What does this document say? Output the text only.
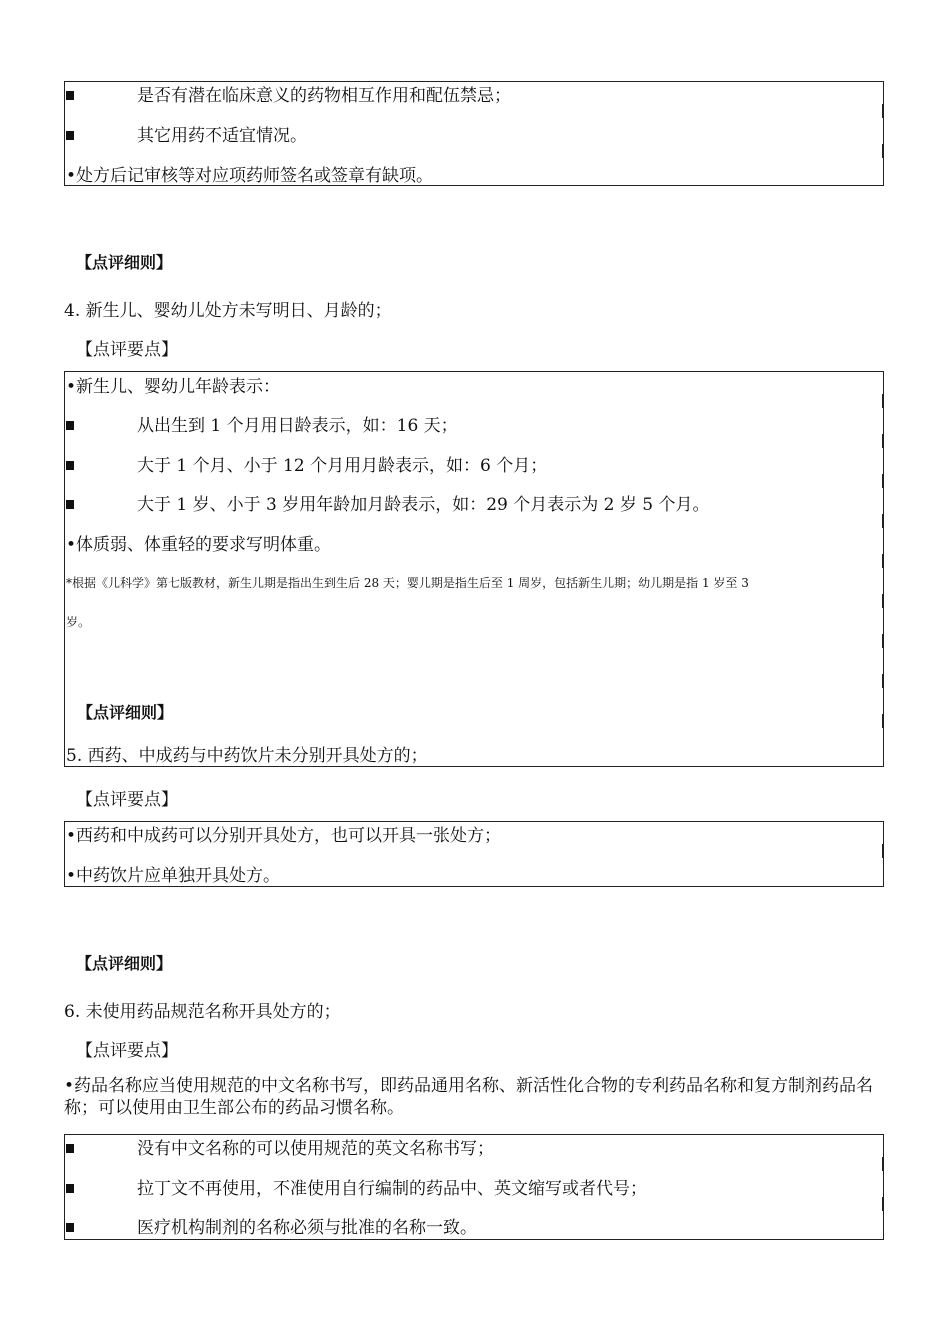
是否有潜在临床意义的药物相互作用和配伍禁忌；
其它用药不适宜情况。
•处方后记审核等对应项药师签名或签章有缺项。
【点评细则】
4. 新生儿、婴幼儿处方未写明日、月龄的；
【点评要点】
•新生儿、婴幼儿年龄表示：
从出生到 1 个月用日龄表示，如：16 天；
大于 1 个月、小于 12 个月用月龄表示，如：6 个月；
大于 1 岁、小于 3 岁用年龄加月龄表示，如：29 个月表示为 2 岁 5 个月。
•体质弱、体重轻的要求写明体重。
*根据《儿科学》第七版教材，新生儿期是指出生到生后 28 天；婴儿期是指生后至 1 周岁，包括新生儿期；幼儿期是指 1 岁至 3
岁。
【点评细则】
5. 西药、中成药与中药饮片未分别开具处方的；
【点评要点】
•西药和中成药可以分别开具处方，也可以开具一张处方；
•中药饮片应单独开具处方。
【点评细则】
6. 未使用药品规范名称开具处方的；
【点评要点】
•药品名称应当使用规范的中文名称书写，即药品通用名称、新活性化合物的专利药品名称和复方制剂药品名称；可以使用由卫生部公布的药品习惯名称。
没有中文名称的可以使用规范的英文名称书写；
拉丁文不再使用，不准使用自行编制的药品中、英文缩写或者代号；
医疗机构制剂的名称必须与批准的名称一致。
